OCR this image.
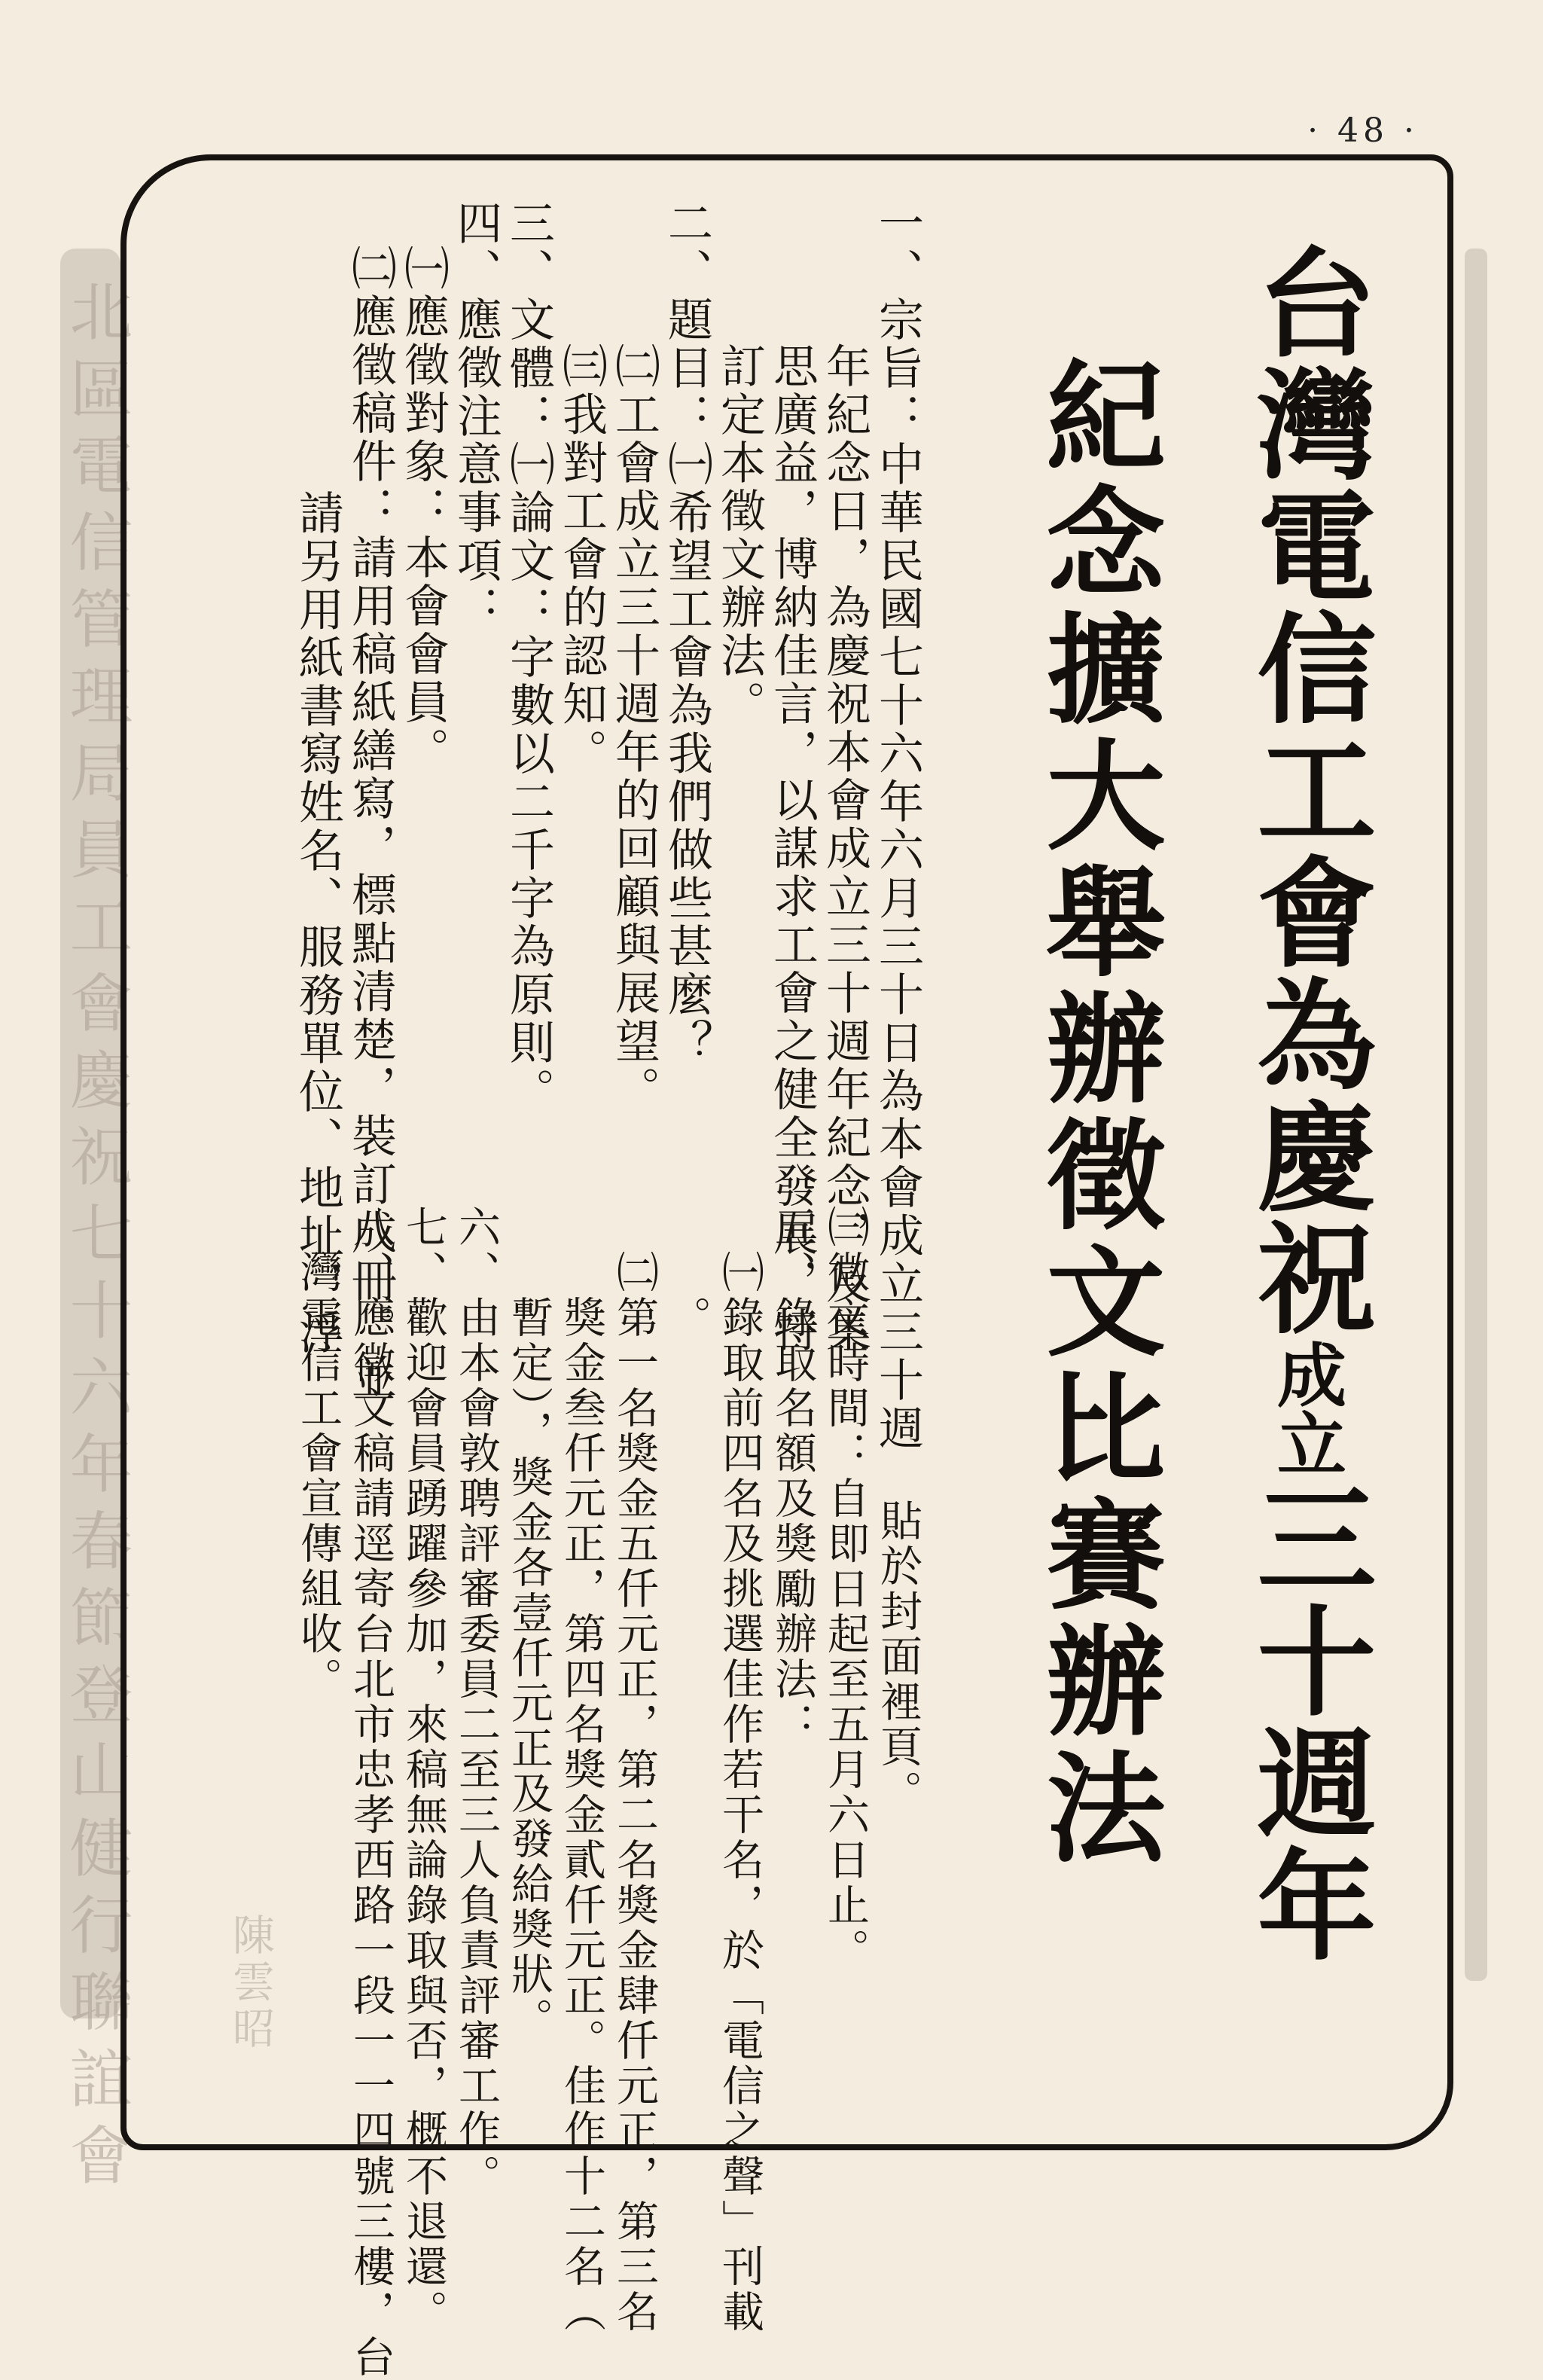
· 48 ·
北區電信管理局員工會慶祝七十六年春節登山健行聯誼會 陳雲昭
台灣電信工會為慶祝成立三十週年
紀念擴大舉辦徵文比賽辦法
一、宗旨：中華民國七十六年六月三十日為本會成立三十週
年紀念日，為慶祝本會成立三十週年紀念，及集
思廣益，博納佳言，以謀求工會之健全發展，特
訂定本徵文辦法。
二、題目：㈠希望工會為我們做些甚麼？
㈡工會成立三十週年的回顧與展望。
㈢我對工會的認知。
三、文體：㈠論文：字數以二千字為原則。
四、應徵注意事項：
㈠應徵對象：本會會員。
㈡應徵稿件：請用稿紙繕寫，標點清楚，裝訂成冊。並
請另用紙書寫姓名、服務單位、地址，浮
貼於封面裡頁。
㈢徵文時間：自即日起至五月六日止。
五、錄取名額及獎勵辦法：
㈠錄取前四名及挑選佳作若干名，於「電信之聲」刊載
。
㈡第一名獎金五仟元正，第二名獎金肆仟元正，第三名
獎金叁仟元正，第四名獎金貳仟元正。佳作十二名（
暫定），獎金各壹仟元正及發給獎狀。
六、由本會敦聘評審委員二至三人負責評審工作。
七、歡迎會員踴躍參加，來稿無論錄取與否，概不退還。
八、應徵文稿請逕寄台北市忠孝西路一段一一四號三樓，台
灣電信工會宣傳組收。
